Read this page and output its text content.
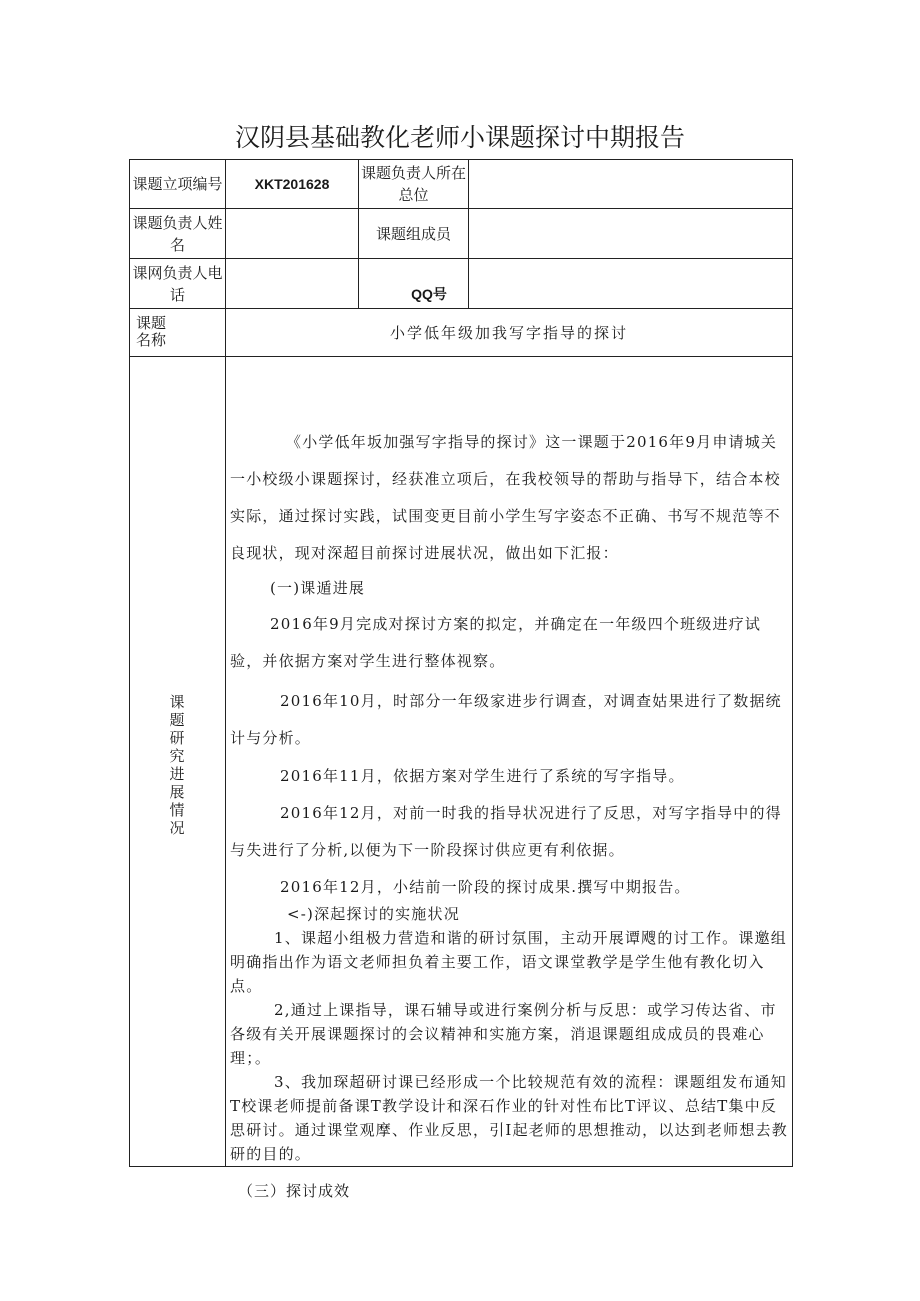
汉阴县基础教化老师小课题探讨中期报告
课题立项编号 XKT201628
课题负责人所在总位
课题负责人姓名
课题组成员
课网负责人电话	QQ号
课题名称	小学低年级加我写字指导的探讨
课题研究进展情况
《小学低年坂加强写字指导的探讨》这一课题于2016年9月申请城关一小校级小课题探讨，经获准立项后，在我校领导的帮助与指导下，结合本校实际，通过探讨实践，试围变更目前小学生写字姿态不正确、书写不规范等不良现状，现对深超目前探讨进展状况，做出如下汇报：
(一)课遁进展
2016年9月完成对探讨方案的拟定，并确定在一年级四个班级进疗试验，并依据方案对学生进行整体视察。
2016年10月，时部分一年级家进步行调查，对调查姑果进行了数据统计与分析。
2016年11月，依据方案对学生进行了系统的写字指导。
2016年12月，对前一时我的指导状况进行了反思，对写字指导中的得与失进行了分析,以便为下一阶段探讨供应更有利依据。
2016年12月，小结前一阶段的探讨成果.撰写中期报告。
<-)深起探讨的实施状况
1、课超小组极力营造和谐的研讨氛围，主动开展谭飕的讨工作。课邀组明确指出作为语文老师担负着主要工作，语文课堂教学是学生他有教化切入点。
2,通过上课指导，课石辅导或进行案例分析与反思：或学习传达省、市各级有关开展课题探讨的会议精神和实施方案，消退课题组成成员的畏难心理；。
3、我加琛超研讨课已经形成一个比较规范有效的流程：课题组发布通知T校课老师提前备课T教学设计和深石作业的针对性布比T评议、总结T集中反思研讨。通过课堂观摩、作业反思，引Ⅰ起老师的思想推动，以达到老师想去教研的目的。
（三）探讨成效
